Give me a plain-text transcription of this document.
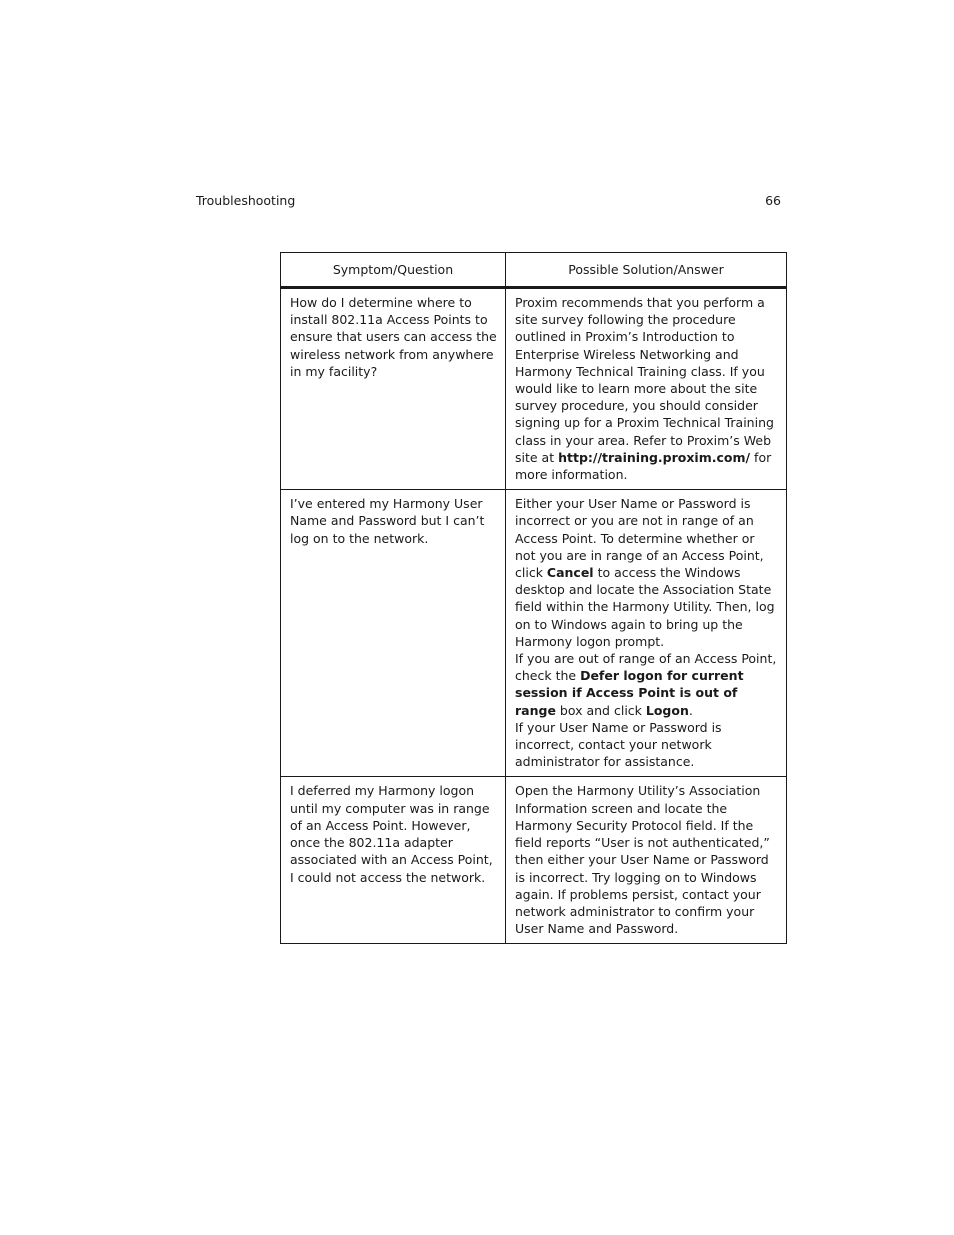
Troubleshooting	66
Symptom/Question	Possible Solution/Answer

How do I determine where to install 802.11a Access Points to ensure that users can access the wireless network from anywhere in my facility?	Proxim recommends that you perform a site survey following the procedure outlined in Proxim’s Introduction to Enterprise Wireless Networking and Harmony Technical Training class. If you would like to learn more about the site survey procedure, you should consider signing up for a Proxim Technical Training class in your area. Refer to Proxim’s Web site at http://training.proxim.com/ for more information.

I’ve entered my Harmony User Name and Password but I can’t log on to the network.	Either your User Name or Password is incorrect or you are not in range of an Access Point. To determine whether or not you are in range of an Access Point, click Cancel to access the Windows desktop and locate the Association State field within the Harmony Utility. Then, log on to Windows again to bring up the Harmony logon prompt.

If you are out of range of an Access Point, check the Defer logon for current session if Access Point is out of range box and click Logon.

If your User Name or Password is incorrect, contact your network administrator for assistance.

I deferred my Harmony logon until my computer was in range of an Access Point. However, once the 802.11a adapter associated with an Access Point, I could not access the network.	Open the Harmony Utility’s Association Information screen and locate the Harmony Security Protocol field. If the field reports “User is not authenticated,” then either your User Name or Password is incorrect. Try logging on to Windows again. If problems persist, contact your network administrator to confirm your User Name and Password.
